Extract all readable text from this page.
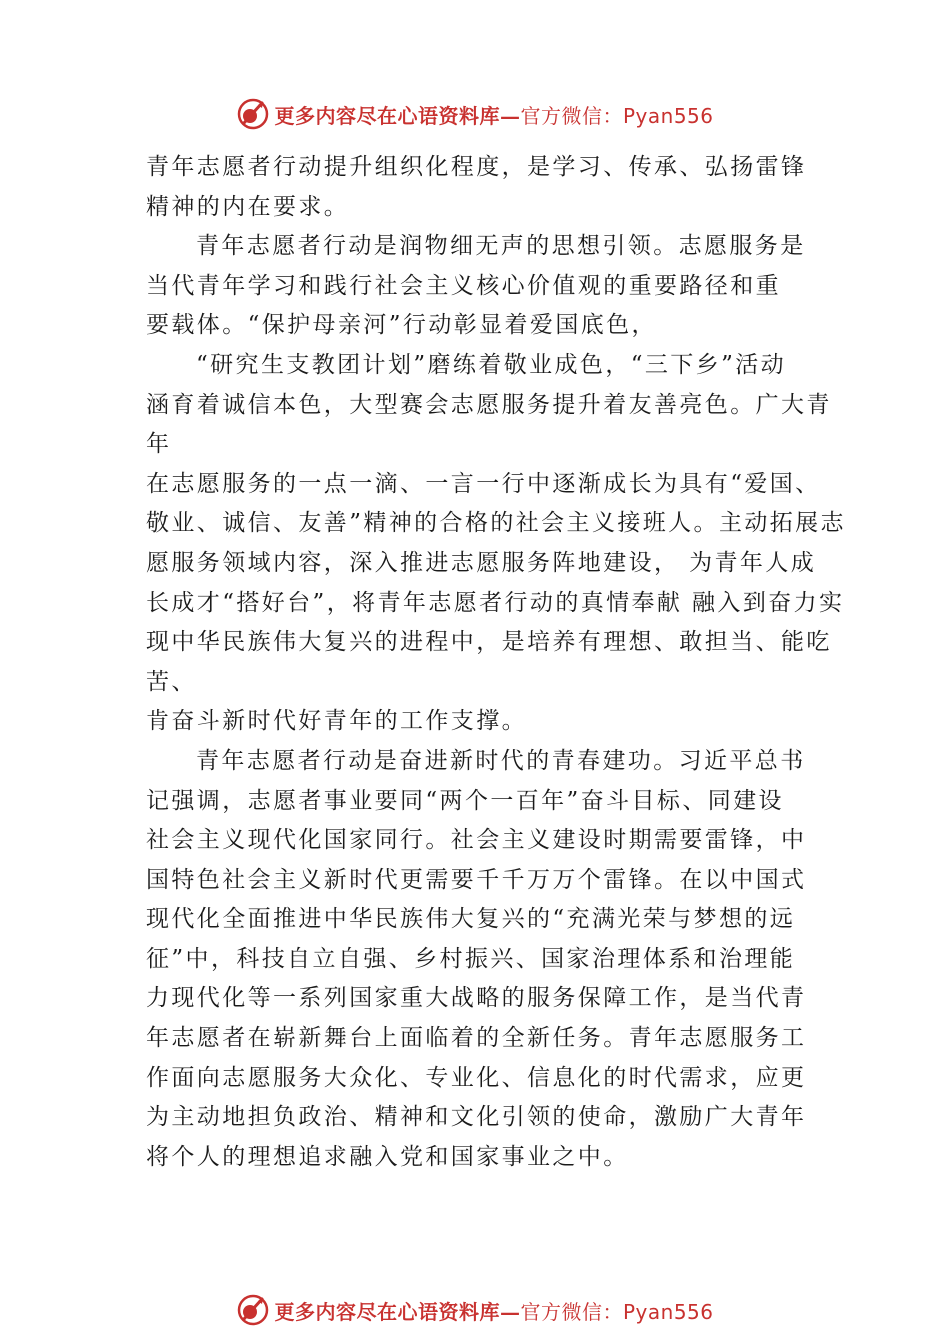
更多内容尽在心语资料库—官方微信：Pyan556

青年志愿者行动提升组织化程度，是学习、传承、弘扬雷锋

精神的内在要求。

青年志愿者行动是润物细无声的思想引领。志愿服务是

当代青年学习和践行社会主义核心价值观的重要路径和重

要载体。“保护母亲河”行动彰显着爱国底色，

“研究生支教团计划”磨练着敬业成色，“三下乡”活动

涵育着诚信本色，大型赛会志愿服务提升着友善亮色。广大青年

在志愿服务的一点一滴、一言一行中逐渐成长为具有“爱国、

敬业、诚信、友善”精神的合格的社会主义接班人。主动拓展志

愿服务领域内容，深入推进志愿服务阵地建设， 为青年人成

长成才“搭好台”，将青年志愿者行动的真情奉献 融入到奋力实

现中华民族伟大复兴的进程中，是培养有理想、敢担当、能吃苦、

肯奋斗新时代好青年的工作支撑。

青年志愿者行动是奋进新时代的青春建功。习近平总书

记强调，志愿者事业要同“两个一百年”奋斗目标、同建设

社会主义现代化国家同行。社会主义建设时期需要雷锋，中

国特色社会主义新时代更需要千千万万个雷锋。在以中国式

现代化全面推进中华民族伟大复兴的“充满光荣与梦想的远

征”中，科技自立自强、乡村振兴、国家治理体系和治理能

力现代化等一系列国家重大战略的服务保障工作，是当代青

年志愿者在崭新舞台上面临着的全新任务。青年志愿服务工

作面向志愿服务大众化、专业化、信息化的时代需求，应更

为主动地担负政治、精神和文化引领的使命，激励广大青年

将个人的理想追求融入党和国家事业之中。

更多内容尽在心语资料库—官方微信：Pyan556
